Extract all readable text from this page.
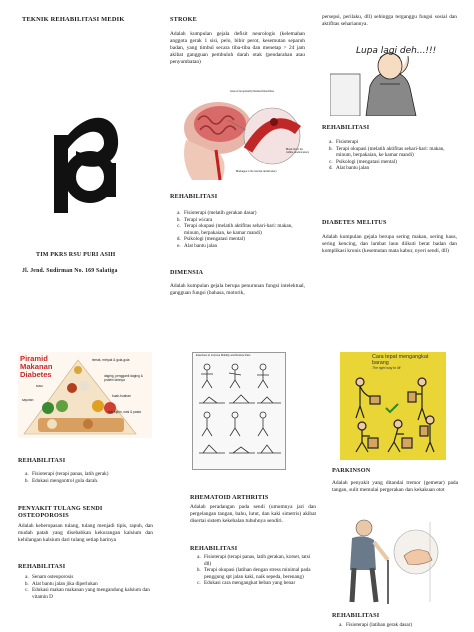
TEKNIK REHABILITASI MEDIK

TIM PKRS RSU PURI ASIH

Jl. Jend. Sudirman No. 169 Salatiga

STROKE

Adalah kumpulan gejala defisit neurologis (kelemahan anggota gerak 1 sisi, pelo, bibir perot, kesemutan separuh badan, yang timbul secara tiba-tiba dan menetap > 24 jam akibat gangguan pembuluh darah otak (pendarahan atau penyumbatan)

Area of temporarily blocked blood flow

Blood clot in the middle cerebral artery

Blockages in the internal carotid artery

REHABILITASI

a. Fisioterapi (melatih gerakan dasar)
b. Terapi wicara
c. Terapi okupasi (melatih aktifitas sehari-hari: makan, minum, berpakaian, ke kamar mandi)
d. Psikologi (mengatasi mental)
e. Alat bantu jalan

DIMENSIA

Adalah kumpulan gejala berupa penurunan fungsi intelektual, gangguan fungsi (bahasa, motorik,

persepsi, perilaku, dll) sehingga terganggu fungsi sosial dan aktifitas sehariannya.

Lupa lagi deh...!!!

REHABILITASI

a. Fisioterapi
b. Terapi okupasi (melatih aktifitas sehari-hari: makan, minum, berpakaian, ke kamar mandi)
c. Psikologi (mengatasi mental)
d. Alat bantu jalan

DIABETES MELITUS

Adalah kumpulan gejala berupa sering makan, sering haus, sering kencing, dan lambat laun diikuti berat badan dan komplikasi kronis (kesemutan mata kabur, nyeri sendi, dll)

Piramid Makanan Diabetes

lemak, minyak & gula-gula

daging, pengganti daging & protein lainnya

susu

buah-buahan

sayuran

roti, bijirin, nasi & pasta

REHABILITASI

a. Fisioterapi (terapi panas, latih gerak)
b. Edukasi mengontrol gula darah.

PENYAKIT TULANG SENDI OSTEOPOROSIS

Adalah keberopasan tulang, tulang menjadi tipis, rapuh, dan mudah patah yang disebabkan kekurangan kalsium dan kehilangan kalsium dari tulang setiap harinya

REHABILITASI

a. Senam osteoporosis
b. Alat bantu jalan jika diperlukan
c. Edukasi makan makanan yang mengandung kalsium dan vitamin D

Exercises to Improve Mobility and Reduce Pain

RHEMATOID ARTHRITIS

Adalah peradangan pada sendi (umumnya jari dan pergelangan tangan, bahu, lutut, dan kaki simetris) akibat disertai sistem kekebalan tubuhnya sendiri.

REHABILITASI

a. Fisioterapi (terapi panas, latih gerakan, korset, tatsi dll)
b. Terapi okupasi (latihan dengan stress minimal pada penggung spt jalan kaki, naik sepeda, berenang)
c. Edukasi cara mengangkat beban yang benar

Cara tepat mengangkat barang

The right way to lift

PARKINSON

Adalah penyakit yang ditandai tremor (gemetar) pada tangan, sulit memulai pergerakan dan kekakuan otot

REHABILITASI

a. Fisioterapi (latihan gerak dasar)
